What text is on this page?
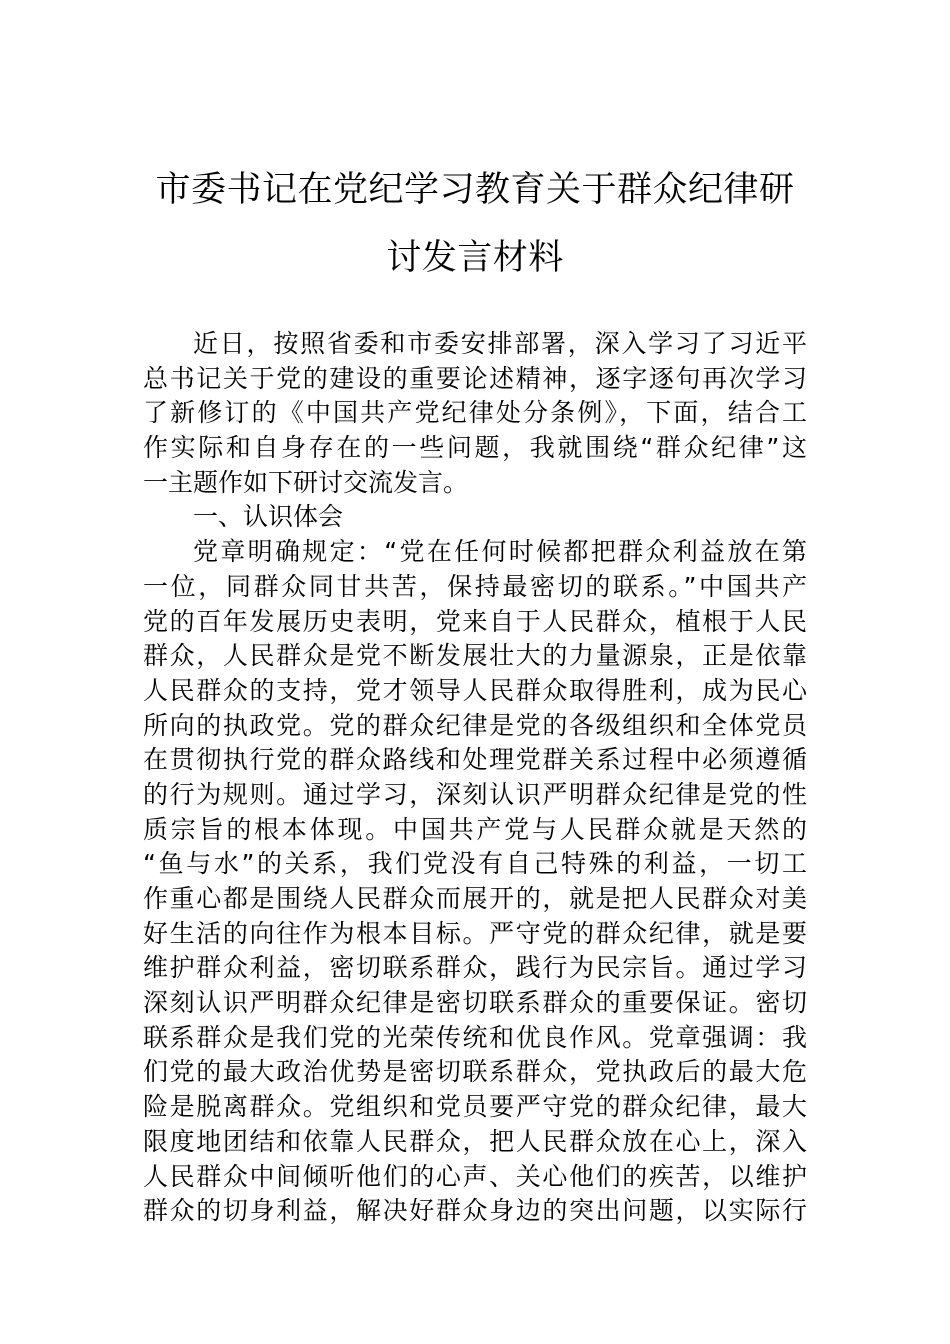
市委书记在党纪学习教育关于群众纪律研
讨发言材料
近日，按照省委和市委安排部署，深入学习了习近平
总书记关于党的建设的重要论述精神，逐字逐句再次学习
了新修订的《中国共产党纪律处分条例》，下面，结合工
作实际和自身存在的一些问题，我就围绕“群众纪律”这
一主题作如下研讨交流发言。
一、认识体会
党章明确规定：“党在任何时候都把群众利益放在第
一位，同群众同甘共苦，保持最密切的联系。”中国共产
党的百年发展历史表明，党来自于人民群众，植根于人民
群众，人民群众是党不断发展壮大的力量源泉，正是依靠
人民群众的支持，党才领导人民群众取得胜利，成为民心
所向的执政党。党的群众纪律是党的各级组织和全体党员
在贯彻执行党的群众路线和处理党群关系过程中必须遵循
的行为规则。通过学习，深刻认识严明群众纪律是党的性
质宗旨的根本体现。中国共产党与人民群众就是天然的
“鱼与水”的关系，我们党没有自己特殊的利益，一切工
作重心都是围绕人民群众而展开的，就是把人民群众对美
好生活的向往作为根本目标。严守党的群众纪律，就是要
维护群众利益，密切联系群众，践行为民宗旨。通过学习
深刻认识严明群众纪律是密切联系群众的重要保证。密切
联系群众是我们党的光荣传统和优良作风。党章强调：我
们党的最大政治优势是密切联系群众，党执政后的最大危
险是脱离群众。党组织和党员要严守党的群众纪律，最大
限度地团结和依靠人民群众，把人民群众放在心上，深入
人民群众中间倾听他们的心声、关心他们的疾苦，以维护
群众的切身利益，解决好群众身边的突出问题，以实际行
